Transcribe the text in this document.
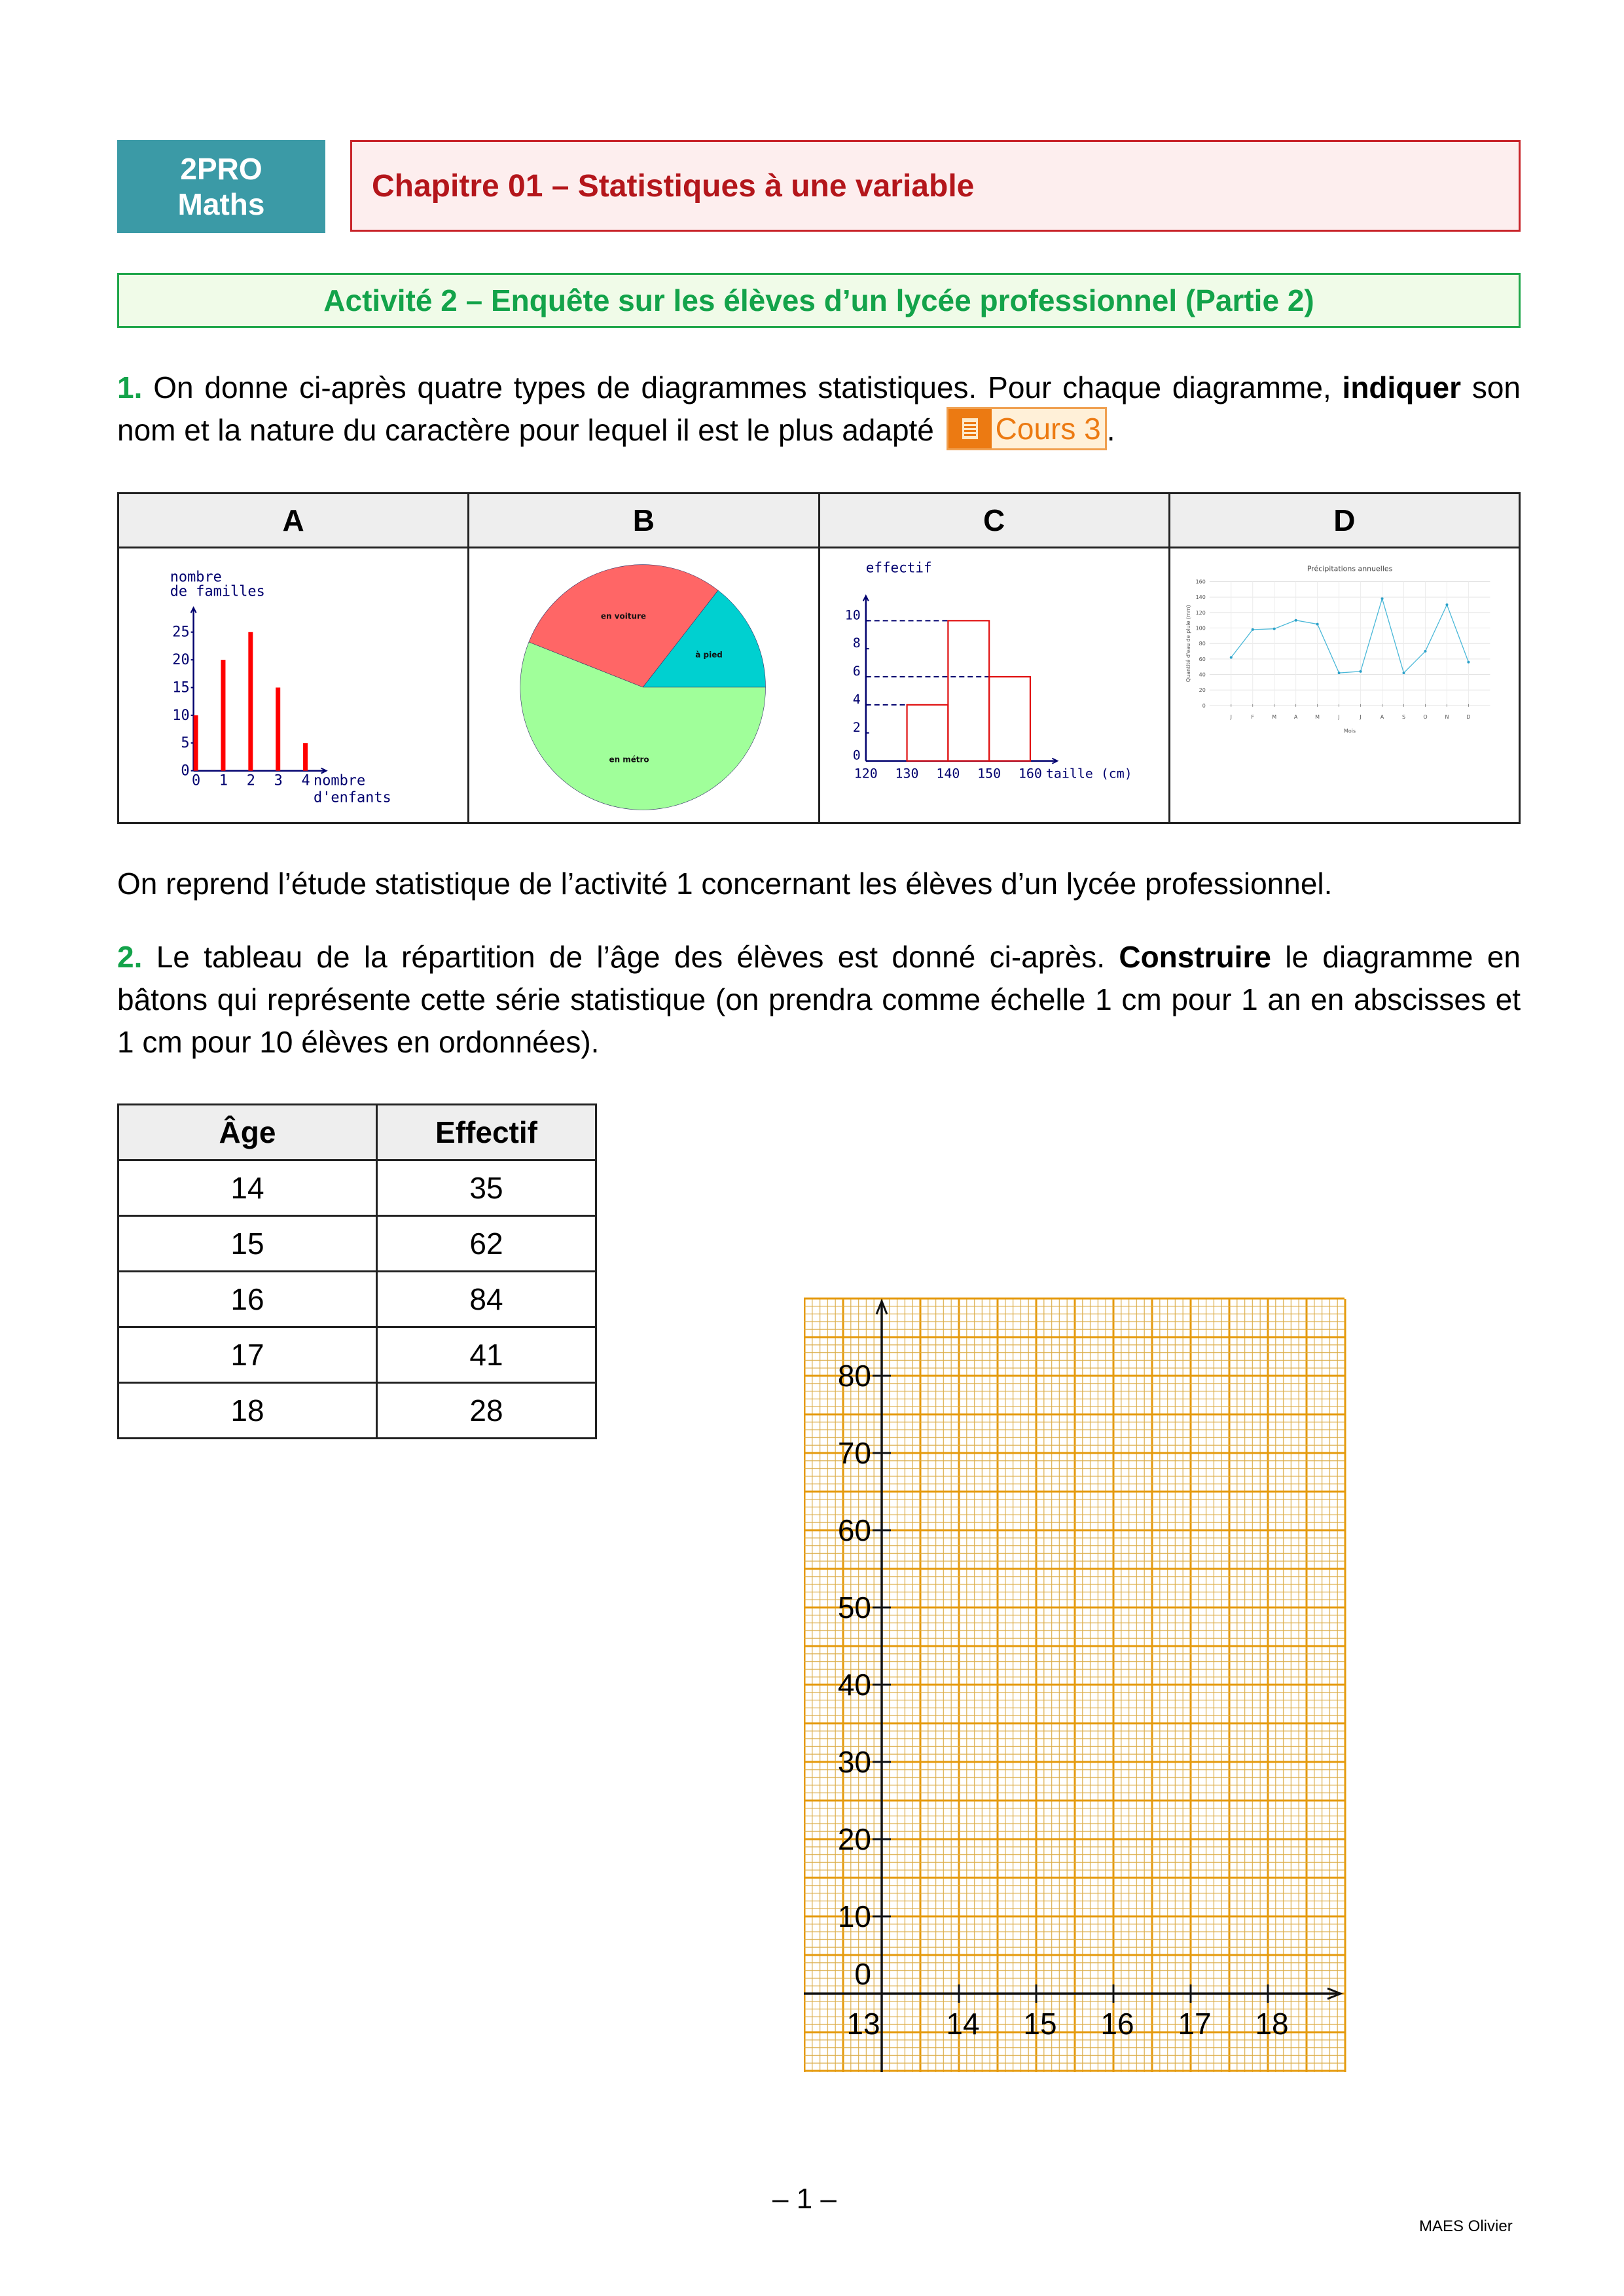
2PRO
Maths
Chapitre 01 – Statistiques à une variable
Activité 2 – Enquête sur les élèves d’un lycée professionnel (Partie 2)
1. On donne ci-après quatre types de diagrammes statistiques. Pour chaque diagramme, indiquer son nom et la nature du caractère pour lequel il est le plus adapté Cours 3 .
A	B	C	D

nombre
de familles
0
5
10
15
20
25
0 1 2 3 4 nombre
d'enfants

à pied
en voiture
en métro

effectif
0
2
4
6
8
10
120 130 140 150 160 taille (cm)

Précipitations annuelles
0
20
40
60
80
100
120
140
160
J	F	M	A	M	J	J	A	S	O	N	D
Mois
Quantité d'eau de pluie (mm)
On reprend l’étude statistique de l’activité 1 concernant les élèves d’un lycée professionnel.
2. Le tableau de la répartition de l’âge des élèves est donné ci-après. Construire le diagramme en bâtons qui représente cette série statistique (on prendra comme échelle 1 cm pour 1 an en abscisses et 1 cm pour 10 élèves en ordonnées).
Âge	Effectif
14	35
15	62
16	84
17	41
18	28
0
10
20
30
40
50
60
70
80
13 14 15 16 17 18
– 1 –
MAES Olivier
